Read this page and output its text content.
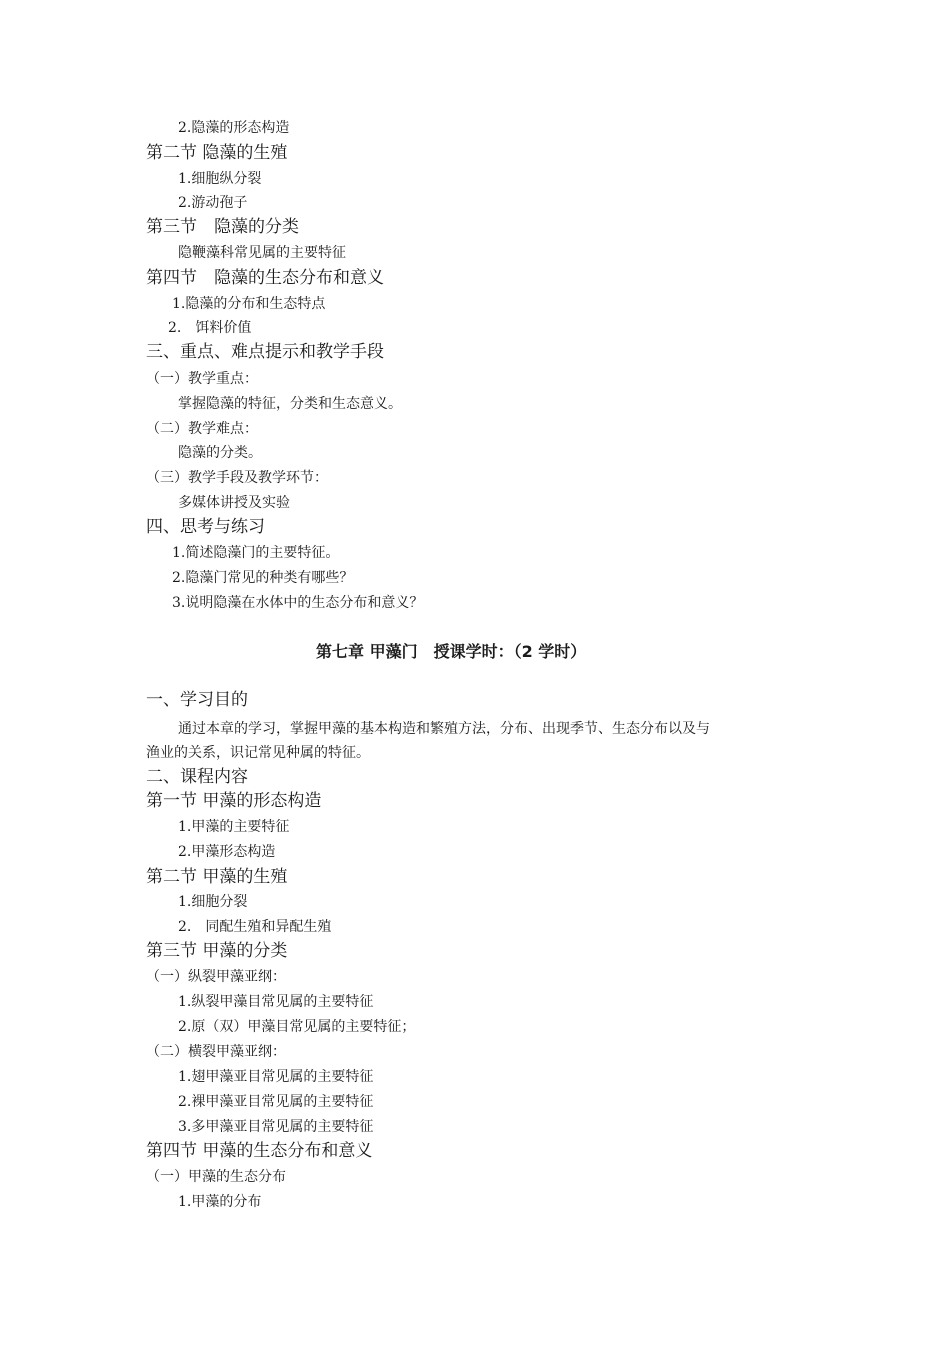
2.隐藻的形态构造
第二节 隐藻的生殖
1.细胞纵分裂
2.游动孢子
第三节　隐藻的分类
隐鞭藻科常见属的主要特征
第四节　隐藻的生态分布和意义
1.隐藻的分布和生态特点
2.　饵料价值
三、重点、难点提示和教学手段
（一）教学重点：
掌握隐藻的特征，分类和生态意义。
（二）教学难点：
隐藻的分类。
（三）教学手段及教学环节：
多媒体讲授及实验
四、思考与练习
1.简述隐藻门的主要特征。
2.隐藻门常见的种类有哪些？
3.说明隐藻在水体中的生态分布和意义？
第七章 甲藻门　授课学时：（2 学时）
一、学习目的
通过本章的学习，掌握甲藻的基本构造和繁殖方法，分布、出现季节、生态分布以及与
渔业的关系，识记常见种属的特征。
二、课程内容
第一节 甲藻的形态构造
1.甲藻的主要特征
2.甲藻形态构造
第二节 甲藻的生殖
1.细胞分裂
2.　同配生殖和异配生殖
第三节 甲藻的分类
（一）纵裂甲藻亚纲：
1.纵裂甲藻目常见属的主要特征
2.原（双）甲藻目常见属的主要特征；
（二）横裂甲藻亚纲：
1.翅甲藻亚目常见属的主要特征
2.裸甲藻亚目常见属的主要特征
3.多甲藻亚目常见属的主要特征
第四节 甲藻的生态分布和意义
（一）甲藻的生态分布
1.甲藻的分布
